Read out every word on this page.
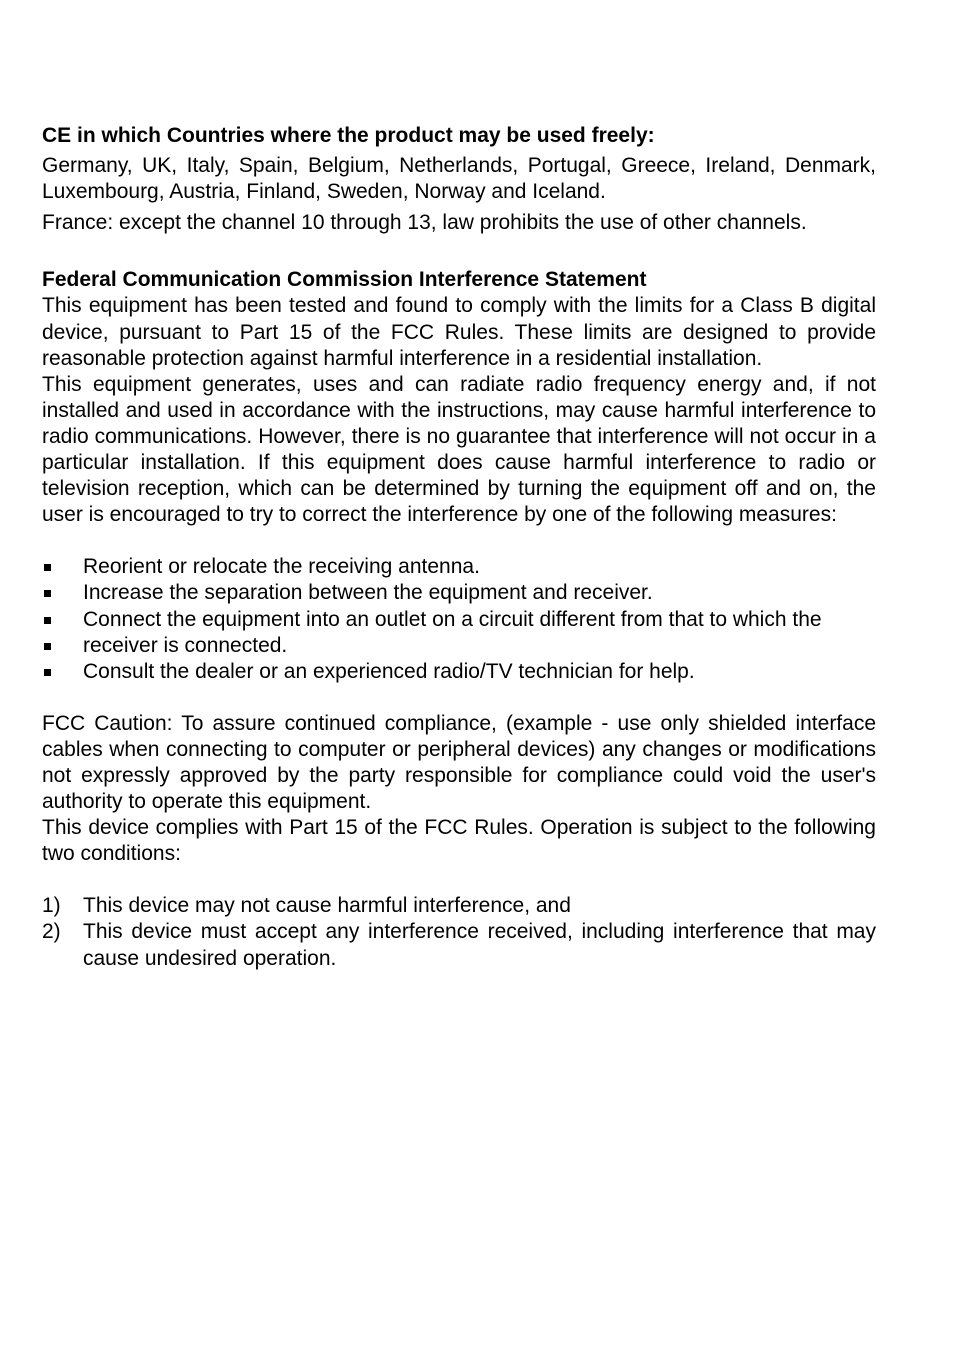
CE in which Countries where the product may be used freely:

Germany, UK, Italy, Spain, Belgium, Netherlands, Portugal, Greece, Ireland, Denmark, Luxembourg, Austria, Finland, Sweden, Norway and Iceland.

France: except the channel 10 through 13, law prohibits the use of other channels.

Federal Communication Commission Interference Statement

This equipment has been tested and found to comply with the limits for a Class B digital device, pursuant to Part 15 of the FCC Rules. These limits are designed to provide reasonable protection against harmful interference in a residential installation.

This equipment generates, uses and can radiate radio frequency energy and, if not installed and used in accordance with the instructions, may cause harmful interference to radio communications. However, there is no guarantee that interference will not occur in a particular installation. If this equipment does cause harmful interference to radio or television reception, which can be determined by turning the equipment off and on, the user is encouraged to try to correct the interference by one of the following measures:

Reorient or relocate the receiving antenna.
Increase the separation between the equipment and receiver.
Connect the equipment into an outlet on a circuit different from that to which the
receiver is connected.
Consult the dealer or an experienced radio/TV technician for help.

FCC Caution: To assure continued compliance, (example - use only shielded interface cables when connecting to computer or peripheral devices) any changes or modifications not expressly approved by the party responsible for compliance could void the user's authority to operate this equipment.

This device complies with Part 15 of the FCC Rules. Operation is subject to the following two conditions:

1) This device may not cause harmful interference, and
2) This device must accept any interference received, including interference that may cause undesired operation.
